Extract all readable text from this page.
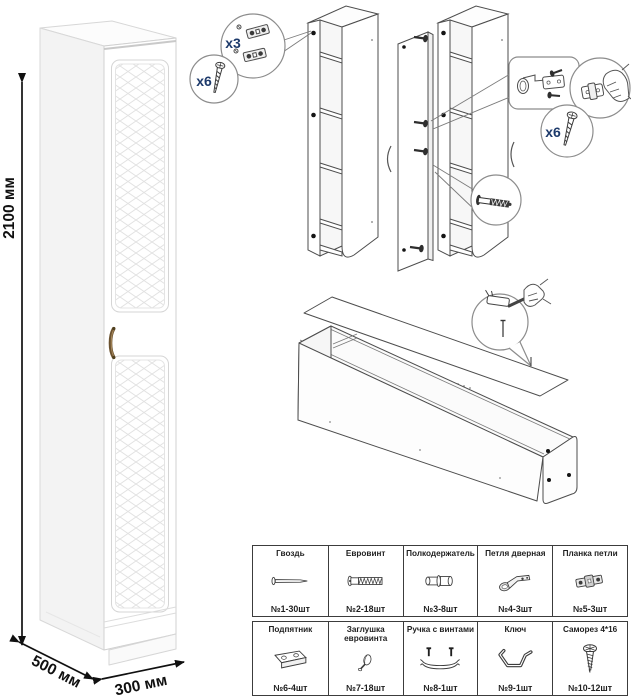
2100 мм
500 мм 300 мм
x3
x6
x6
Гвоздь
№1-30шт
Евровинт
№2-18шт
Полкодержатель
№3-8шт
Петля дверная
№4-3шт
Планка петли
№5-3шт
Подпятник
№6-4шт
Заглушка евровинта
№7-18шт
Ручка с винтами
№8-1шт
Ключ
№9-1шт
Саморез 4*16
№10-12шт
